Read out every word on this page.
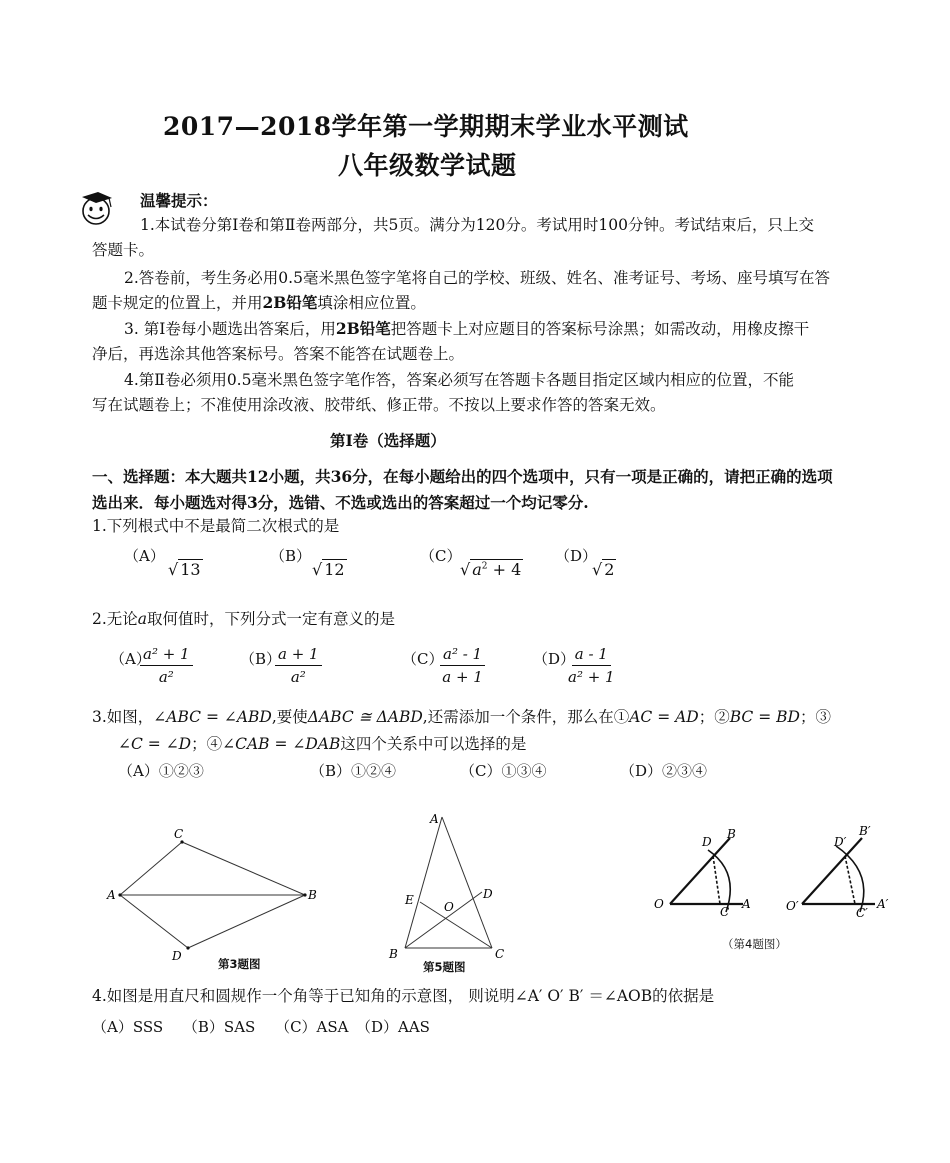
2017—2018学年第一学期期末学业水平测试
八年级数学试题
温馨提示：
1.本试卷分第Ⅰ卷和第Ⅱ卷两部分，共5页。满分为120分。考试用时100分钟。考试结束后，只上交
答题卡。
2.答卷前，考生务必用0.5毫米黑色签字笔将自己的学校、班级、姓名、准考证号、考场、座号填写在答
题卡规定的位置上，并用2B铅笔填涂相应位置。
3. 第Ⅰ卷每小题选出答案后，用2B铅笔把答题卡上对应题目的答案标号涂黑；如需改动，用橡皮擦干
净后，再选涂其他答案标号。答案不能答在试题卷上。
4.第Ⅱ卷必须用0.5毫米黑色签字笔作答，答案必须写在答题卡各题目指定区域内相应的位置，不能
写在试题卷上；不准使用涂改液、胶带纸、修正带。不按以上要求作答的答案无效。
第Ⅰ卷（选择题）
一、选择题：本大题共12小题，共36分，在每小题给出的四个选项中，只有一项是正确的，请把正确的选项
选出来．每小题选对得3分，选错、不选或选出的答案超过一个均记零分.
1.下列根式中不是最简二次根式的是
（A）
√ 13
（B）
√ 12
（C）
√ $a^2 + 4$
（D）
√ 2
2.无论a取何值时，下列分式一定有意义的是
（A）
$\frac{\text{a² + 1}}{\text{a²}}$	（B）
$\frac{a + 1}{\text{a²}}$	（C）
$\frac{\text{a² - 1}}{a + 1}$	（D）
$\frac{a - 1}{\text{a² + 1}}$
3.如图，∠ABC = ∠ABD,要使ΔABC ≅ ΔABD,还需添加一个条件，那么在①AC = AD；②BC = BD；③
∠C = ∠D；④∠CAB = ∠DAB这四个关系中可以选择的是
（A）①②③	（B）①②④	（C）①③④	（D）②③④
A
C
B
D
第3题图
A
E	D
O
B	C
第5题图
O
C
A
D
B
O′	C′
A′
D′
B′
（第4题图）
4.如图是用直尺和圆规作一个角等于已知角的示意图， 则说明∠A′ O′ B′ ＝∠AOB的依据是
（A）SSS　 （B）SAS　 （C）ASA　（D）AAS
